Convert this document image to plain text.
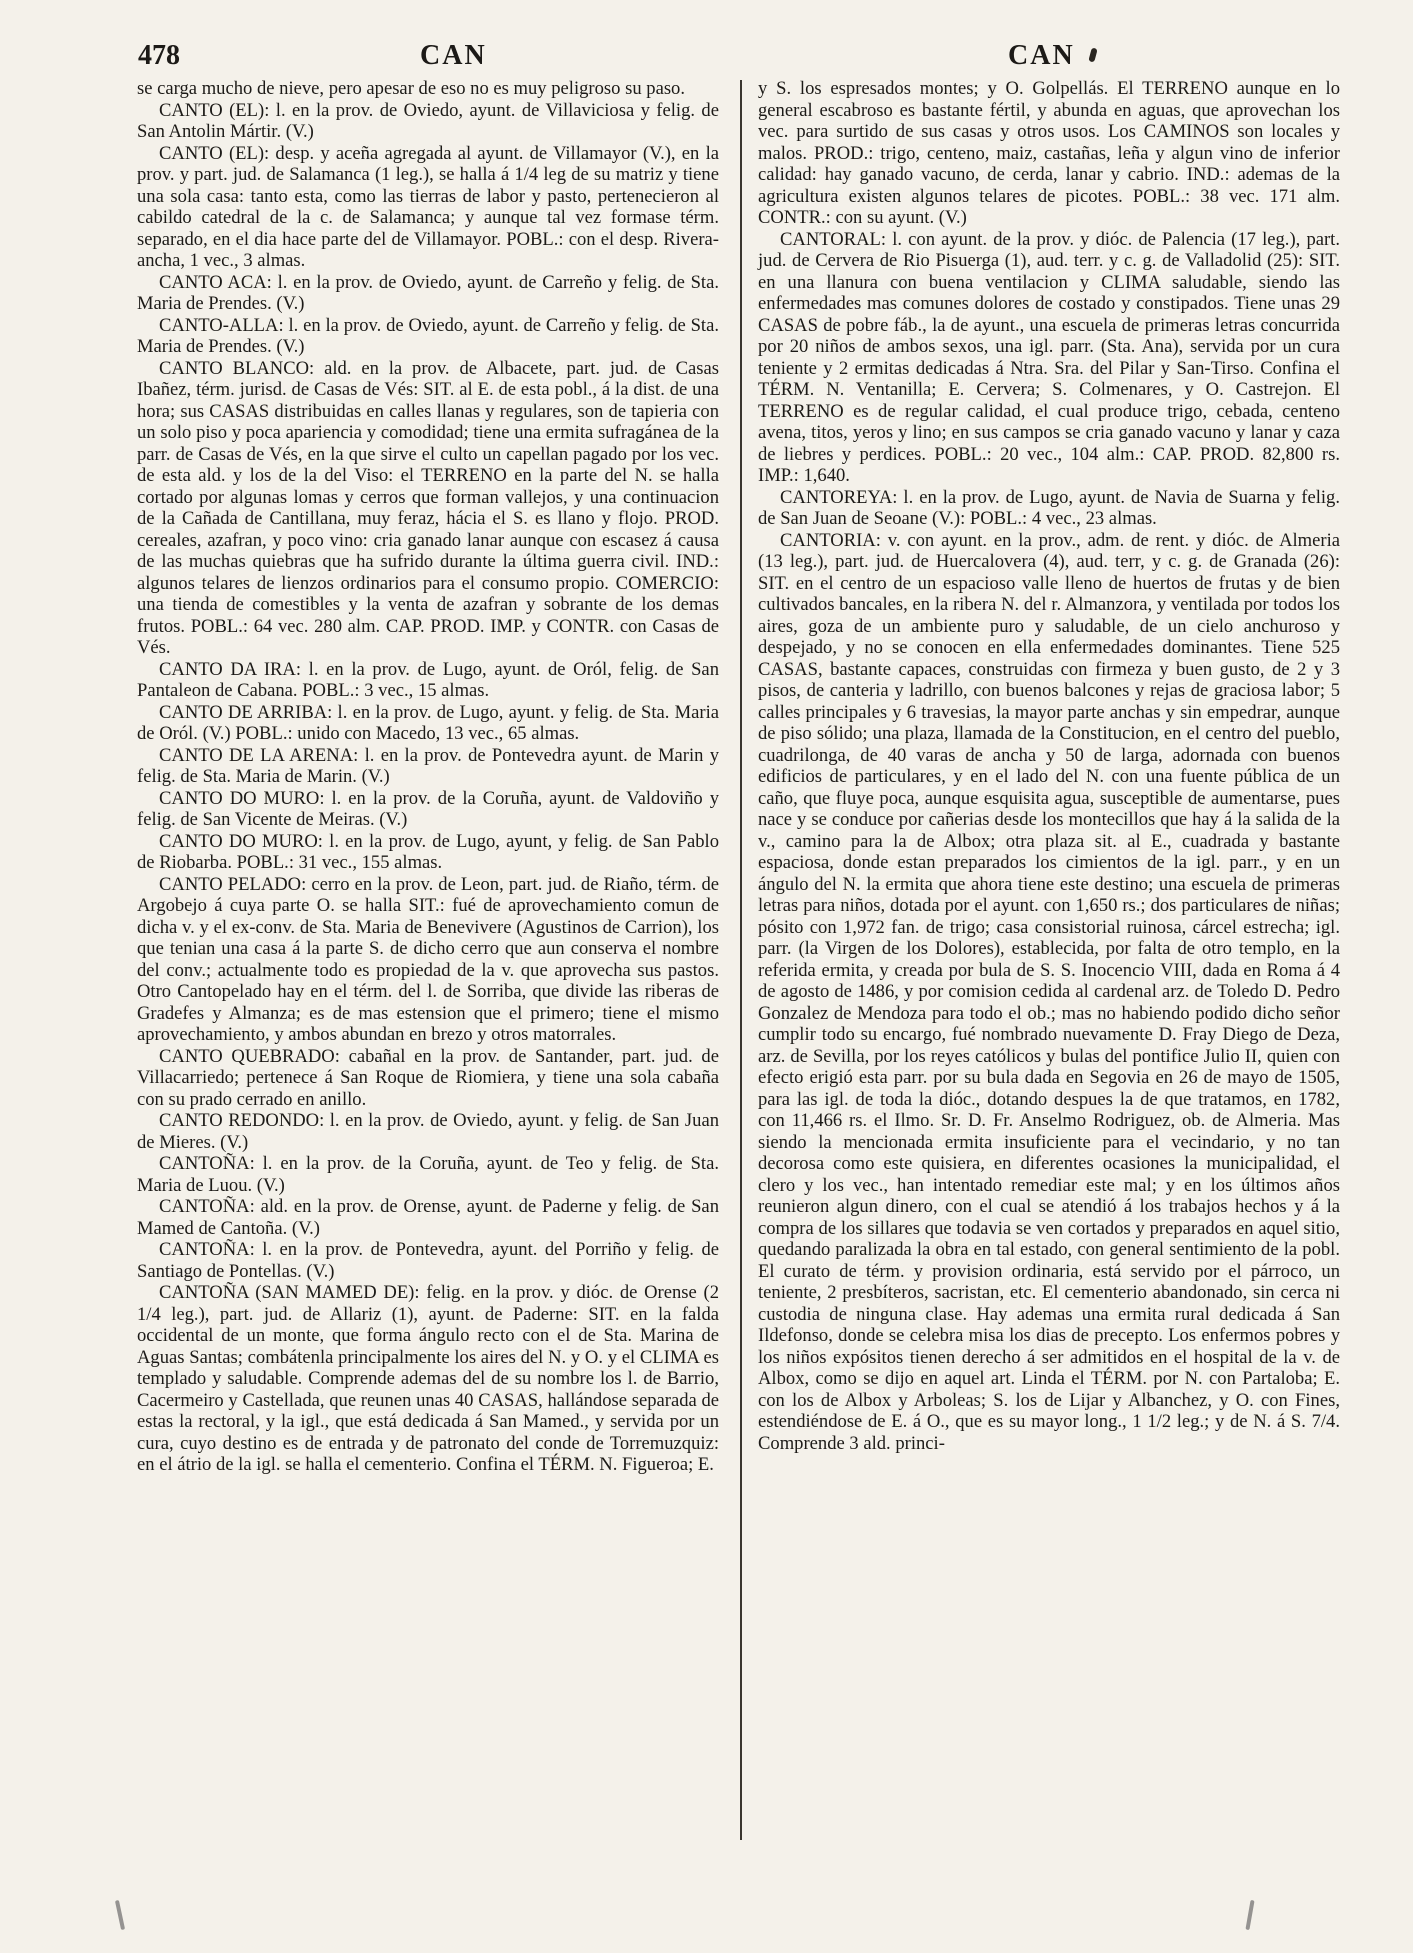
478	CAN	CAN

se carga mucho de nieve, pero apesar de eso no es muy peligroso su paso.

CANTO (EL): l. en la prov. de Oviedo, ayunt. de Villaviciosa y felig. de San Antolin Mártir. (V.)

CANTO (EL): desp. y aceña agregada al ayunt. de Villamayor (V.), en la prov. y part. jud. de Salamanca (1 leg.), se halla á 1/4 leg de su matriz y tiene una sola casa: tanto esta, como las tierras de labor y pasto, pertenecieron al cabildo catedral de la c. de Salamanca; y aunque tal vez formase térm. separado, en el dia hace parte del de Villamayor. POBL.: con el desp. Rivera-ancha, 1 vec., 3 almas.

CANTO ACA: l. en la prov. de Oviedo, ayunt. de Carreño y felig. de Sta. Maria de Prendes. (V.)

CANTO-ALLA: l. en la prov. de Oviedo, ayunt. de Carreño y felig. de Sta. Maria de Prendes. (V.)

CANTO BLANCO: ald. en la prov. de Albacete, part. jud. de Casas Ibañez, térm. jurisd. de Casas de Vés: SIT. al E. de esta pobl., á la dist. de una hora; sus CASAS distribuidas en calles llanas y regulares, son de tapieria con un solo piso y poca apariencia y comodidad; tiene una ermita sufragánea de la parr. de Casas de Vés, en la que sirve el culto un capellan pagado por los vec. de esta ald. y los de la del Viso: el TERRENO en la parte del N. se halla cortado por algunas lomas y cerros que forman vallejos, y una continuacion de la Cañada de Cantillana, muy feraz, hácia el S. es llano y flojo. PROD. cereales, azafran, y poco vino: cria ganado lanar aunque con escasez á causa de las muchas quiebras que ha sufrido durante la última guerra civil. IND.: algunos telares de lienzos ordinarios para el consumo propio. COMERCIO: una tienda de comestibles y la venta de azafran y sobrante de los demas frutos. POBL.: 64 vec. 280 alm. CAP. PROD. IMP. y CONTR. con Casas de Vés.

CANTO DA IRA: l. en la prov. de Lugo, ayunt. de Oról, felig. de San Pantaleon de Cabana. POBL.: 3 vec., 15 almas.

CANTO DE ARRIBA: l. en la prov. de Lugo, ayunt. y felig. de Sta. Maria de Oról. (V.) POBL.: unido con Macedo, 13 vec., 65 almas.

CANTO DE LA ARENA: l. en la prov. de Pontevedra ayunt. de Marin y felig. de Sta. Maria de Marin. (V.)

CANTO DO MURO: l. en la prov. de la Coruña, ayunt. de Valdoviño y felig. de San Vicente de Meiras. (V.)

CANTO DO MURO: l. en la prov. de Lugo, ayunt, y felig. de San Pablo de Riobarba. POBL.: 31 vec., 155 almas.

CANTO PELADO: cerro en la prov. de Leon, part. jud. de Riaño, térm. de Argobejo á cuya parte O. se halla SIT.: fué de aprovechamiento comun de dicha v. y el ex-conv. de Sta. Maria de Benevivere (Agustinos de Carrion), los que tenian una casa á la parte S. de dicho cerro que aun conserva el nombre del conv.; actualmente todo es propiedad de la v. que aprovecha sus pastos. Otro Cantopelado hay en el térm. del l. de Sorriba, que divide las riberas de Gradefes y Almanza; es de mas estension que el primero; tiene el mismo aprovechamiento, y ambos abundan en brezo y otros matorrales.

CANTO QUEBRADO: cabañal en la prov. de Santander, part. jud. de Villacarriedo; pertenece á San Roque de Riomiera, y tiene una sola cabaña con su prado cerrado en anillo.

CANTO REDONDO: l. en la prov. de Oviedo, ayunt. y felig. de San Juan de Mieres. (V.)

CANTOÑA: l. en la prov. de la Coruña, ayunt. de Teo y felig. de Sta. Maria de Luou. (V.)

CANTOÑA: ald. en la prov. de Orense, ayunt. de Paderne y felig. de San Mamed de Cantoña. (V.)

CANTOÑA: l. en la prov. de Pontevedra, ayunt. del Porriño y felig. de Santiago de Pontellas. (V.)

CANTOÑA (SAN MAMED DE): felig. en la prov. y dióc. de Orense (2 1/4 leg.), part. jud. de Allariz (1), ayunt. de Paderne: SIT. en la falda occidental de un monte, que forma ángulo recto con el de Sta. Marina de Aguas Santas; combátenla principalmente los aires del N. y O. y el CLIMA es templado y saludable. Comprende ademas del de su nombre los l. de Barrio, Cacermeiro y Castellada, que reunen unas 40 CASAS, hallándose separada de estas la rectoral, y la igl., que está dedicada á San Mamed., y servida por un cura, cuyo destino es de entrada y de patronato del conde de Torremuzquiz: en el átrio de la igl. se halla el cementerio. Confina el TÉRM. N. Figueroa; E.

y S. los espresados montes; y O. Golpellás. El TERRENO aunque en lo general escabroso es bastante fértil, y abunda en aguas, que aprovechan los vec. para surtido de sus casas y otros usos. Los CAMINOS son locales y malos. PROD.: trigo, centeno, maiz, castañas, leña y algun vino de inferior calidad: hay ganado vacuno, de cerda, lanar y cabrio. IND.: ademas de la agricultura existen algunos telares de picotes. POBL.: 38 vec. 171 alm. CONTR.: con su ayunt. (V.)

CANTORAL: l. con ayunt. de la prov. y dióc. de Palencia (17 leg.), part. jud. de Cervera de Rio Pisuerga (1), aud. terr. y c. g. de Valladolid (25): SIT. en una llanura con buena ventilacion y CLIMA saludable, siendo las enfermedades mas comunes dolores de costado y constipados. Tiene unas 29 CASAS de pobre fáb., la de ayunt., una escuela de primeras letras concurrida por 20 niños de ambos sexos, una igl. parr. (Sta. Ana), servida por un cura teniente y 2 ermitas dedicadas á Ntra. Sra. del Pilar y San-Tirso. Confina el TÉRM. N. Ventanilla; E. Cervera; S. Colmenares, y O. Castrejon. El TERRENO es de regular calidad, el cual produce trigo, cebada, centeno avena, titos, yeros y lino; en sus campos se cria ganado vacuno y lanar y caza de liebres y perdices. POBL.: 20 vec., 104 alm.: CAP. PROD. 82,800 rs. IMP.: 1,640.

CANTOREYA: l. en la prov. de Lugo, ayunt. de Navia de Suarna y felig. de San Juan de Seoane (V.): POBL.: 4 vec., 23 almas.

CANTORIA: v. con ayunt. en la prov., adm. de rent. y dióc. de Almeria (13 leg.), part. jud. de Huercalovera (4), aud. terr, y c. g. de Granada (26): SIT. en el centro de un espacioso valle lleno de huertos de frutas y de bien cultivados bancales, en la ribera N. del r. Almanzora, y ventilada por todos los aires, goza de un ambiente puro y saludable, de un cielo anchuroso y despejado, y no se conocen en ella enfermedades dominantes. Tiene 525 CASAS, bastante capaces, construidas con firmeza y buen gusto, de 2 y 3 pisos, de canteria y ladrillo, con buenos balcones y rejas de graciosa labor; 5 calles principales y 6 travesias, la mayor parte anchas y sin empedrar, aunque de piso sólido; una plaza, llamada de la Constitucion, en el centro del pueblo, cuadrilonga, de 40 varas de ancha y 50 de larga, adornada con buenos edificios de particulares, y en el lado del N. con una fuente pública de un caño, que fluye poca, aunque esquisita agua, susceptible de aumentarse, pues nace y se conduce por cañerias desde los montecillos que hay á la salida de la v., camino para la de Albox; otra plaza sit. al E., cuadrada y bastante espaciosa, donde estan preparados los cimientos de la igl. parr., y en un ángulo del N. la ermita que ahora tiene este destino; una escuela de primeras letras para niños, dotada por el ayunt. con 1,650 rs.; dos particulares de niñas; pósito con 1,972 fan. de trigo; casa consistorial ruinosa, cárcel estrecha; igl. parr. (la Virgen de los Dolores), establecida, por falta de otro templo, en la referida ermita, y creada por bula de S. S. Inocencio VIII, dada en Roma á 4 de agosto de 1486, y por comision cedida al cardenal arz. de Toledo D. Pedro Gonzalez de Mendoza para todo el ob.; mas no habiendo podido dicho señor cumplir todo su encargo, fué nombrado nuevamente D. Fray Diego de Deza, arz. de Sevilla, por los reyes católicos y bulas del pontifice Julio II, quien con efecto erigió esta parr. por su bula dada en Segovia en 26 de mayo de 1505, para las igl. de toda la dióc., dotando despues la de que tratamos, en 1782, con 11,466 rs. el Ilmo. Sr. D. Fr. Anselmo Rodriguez, ob. de Almeria. Mas siendo la mencionada ermita insuficiente para el vecindario, y no tan decorosa como este quisiera, en diferentes ocasiones la municipalidad, el clero y los vec., han intentado remediar este mal; y en los últimos años reunieron algun dinero, con el cual se atendió á los trabajos hechos y á la compra de los sillares que todavia se ven cortados y preparados en aquel sitio, quedando paralizada la obra en tal estado, con general sentimiento de la pobl. El curato de térm. y provision ordinaria, está servido por el párroco, un teniente, 2 presbíteros, sacristan, etc. El cementerio abandonado, sin cerca ni custodia de ninguna clase. Hay ademas una ermita rural dedicada á San Ildefonso, donde se celebra misa los dias de precepto. Los enfermos pobres y los niños expósitos tienen derecho á ser admitidos en el hospital de la v. de Albox, como se dijo en aquel art. Linda el TÉRM. por N. con Partaloba; E. con los de Albox y Arboleas; S. los de Lijar y Albanchez, y O. con Fines, estendiéndose de E. á O., que es su mayor long., 1 1/2 leg.; y de N. á S. 7/4. Comprende 3 ald. princi-
